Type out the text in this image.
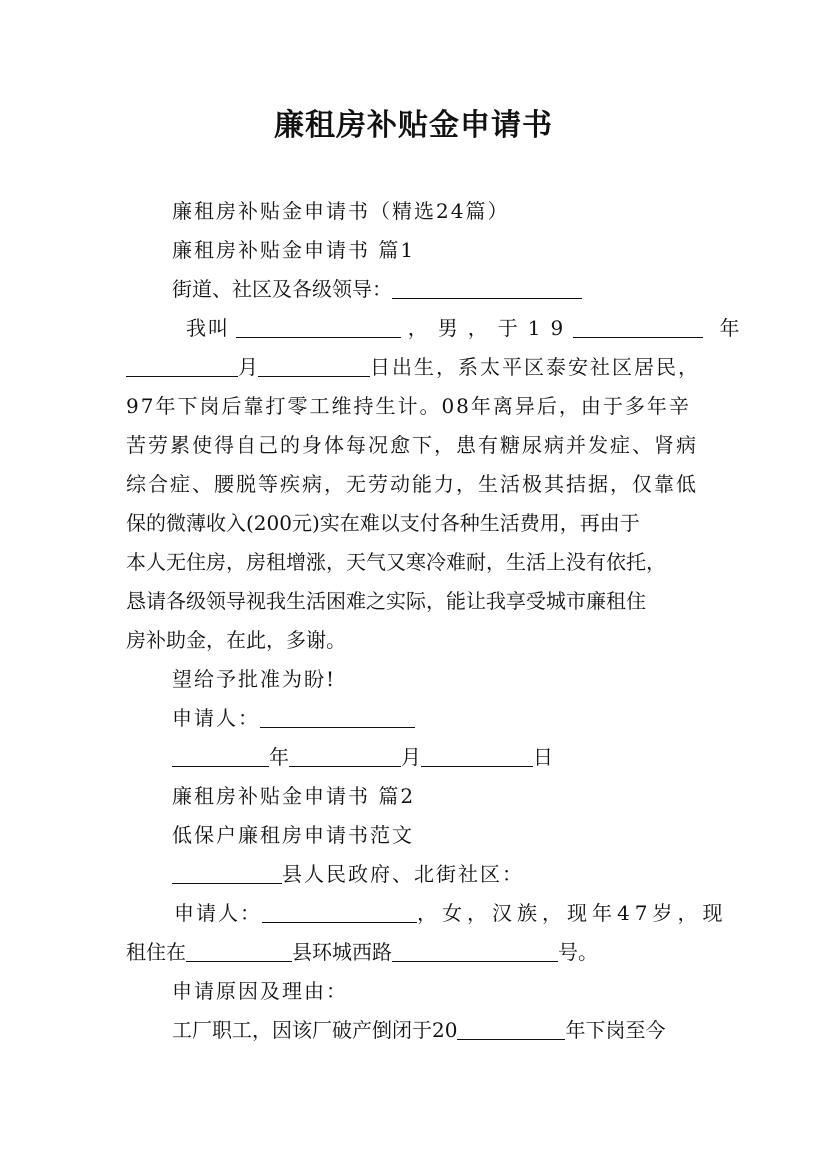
廉租房补贴金申请书
廉租房补贴金申请书（精选24篇）
廉租房补贴金申请书 篇1
街道、社区及各级领导：
我叫	，男，于19	年
月	日出生，系太平区泰安社区居民，
97年下岗后靠打零工维持生计。08年离异后，由于多年辛
苦劳累使得自己的身体每况愈下，患有糖尿病并发症、肾病
综合症、腰脱等疾病，无劳动能力，生活极其拮据，仅靠低
保的微薄收入(200元)实在难以支付各种生活费用，再由于
本人无住房，房租增涨，天气又寒冷难耐，生活上没有依托，
恳请各级领导视我生活困难之实际，能让我享受城市廉租住
房补助金，在此，多谢。
望给予批准为盼!
申请人：
年	月	日
廉租房补贴金申请书 篇2
低保户廉租房申请书范文
县人民政府、北街社区：
申请人：	，女，汉族，现年47岁，现
租住在	县环城西路	号。
申请原因及理由：
工厂职工，因该厂破产倒闭于20	年下岗至今
